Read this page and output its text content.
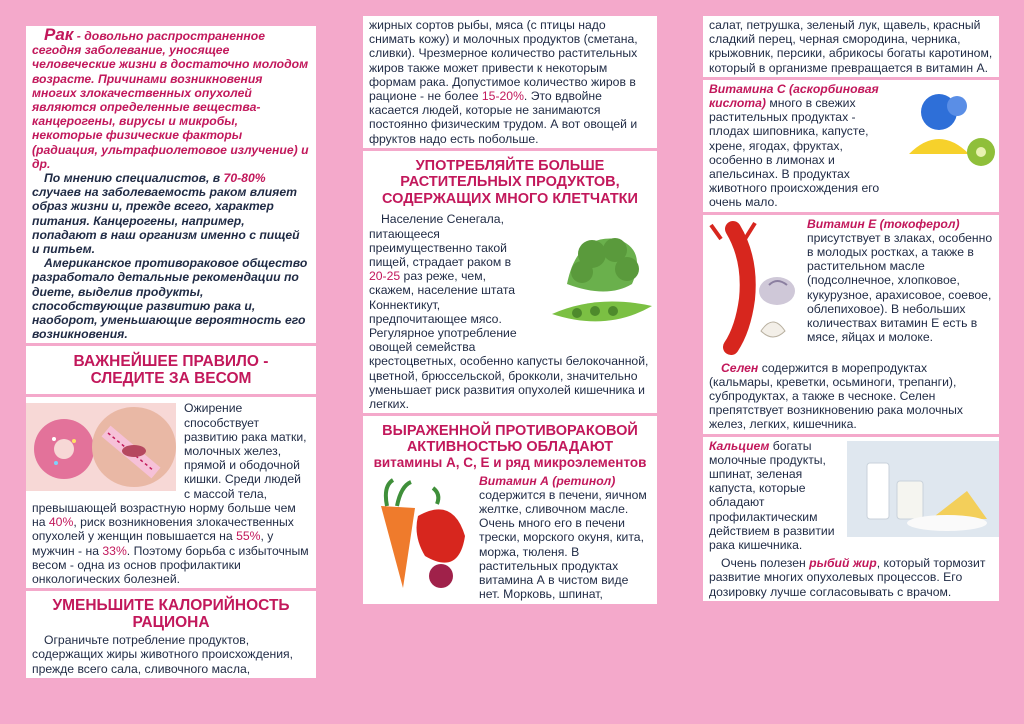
Рак - довольно распространенное сегодня заболевание, уносящее человеческие жизни в достаточно молодом возрасте. Причинами возникновения многих злокачественных опухолей являются определенные вещества-канцерогены, вирусы и микробы, некоторые физические факторы (радиация, ультрафиолетовое излучение) и др.

По мнению специалистов, в 70-80% случаев на заболеваемость раком влияет образ жизни и, прежде всего, характер питания. Канцерогены, например, попадают в наш организм именно с пищей и питьем.

Американское противораковое общество разработало детальные рекомендации по диете, выделив продукты, способствующие развитию рака и, наоборот, уменьшающие вероятность его возникновения.

ВАЖНЕЙШЕЕ ПРАВИЛО - СЛЕДИТЕ ЗА ВЕСОМ

Ожирение способствует развитию рака матки, молочных желез, прямой и ободочной кишки. Среди людей с массой тела, превышающей возрастную норму больше чем на 40%, риск возникновения злокачественных опухолей у женщин повышается на 55%, у мужчин - на 33%. Поэтому борьба с избыточным весом - одна из основ профилактики онкологических болезней.

УМЕНЬШИТЕ КАЛОРИЙНОСТЬ РАЦИОНА

Ограничьте потребление продуктов, содержащих жиры животного происхождения, прежде всего сала, сливочного масла,

жирных сортов рыбы, мяса (с птицы надо снимать кожу) и молочных продуктов (сметана, сливки). Чрезмерное количество растительных жиров также может привести к некоторым формам рака. Допустимое количество жиров в рационе - не более 15-20%. Это вдвойне касается людей, которые не занимаются постоянно физическим трудом. А вот овощей и фруктов надо есть побольше.

УПОТРЕБЛЯЙТЕ БОЛЬШЕ РАСТИТЕЛЬНЫХ ПРОДУКТОВ, СОДЕРЖАЩИХ МНОГО КЛЕТЧАТКИ

Население Сенегала, питающееся преимущественно такой пищей, страдает раком в 20-25 раз реже, чем, скажем, население штата Коннектикут, предпочитающее мясо. Регулярное употребление овощей семейства крестоцветных, особенно капусты белокочанной, цветной, брюссельской, брокколи, значительно уменьшает риск развития опухолей кишечника и легких.

ВЫРАЖЕННОЙ ПРОТИВОРАКОВОЙ АКТИВНОСТЬЮ ОБЛАДАЮТ
витамины А, С, Е и ряд микроэлементов

Витамин А (ретинол) содержится в печени, яичном желтке, сливочном масле. Очень много его в печени трески, морского окуня, кита, моржа, тюленя. В растительных продуктах витамина А в чистом виде нет. Морковь, шпинат,

салат, петрушка, зеленый лук, щавель, красный сладкий перец, черная смородина, черника, крыжовник, персики, абрикосы богаты каротином, который в организме превращается в витамин А.

Витамина С (аскорбиновая кислота) много в свежих растительных продуктах - плодах шиповника, капусте, хрене, ягодах, фруктах, особенно в лимонах и апельсинах. В продуктах животного происхождения его очень мало.

Витамин Е (токоферол) присутствует в злаках, особенно в молодых ростках, а также в растительном масле (подсолнечное, хлопковое, кукурузное, арахисовое, соевое, облепиховое). В небольших количествах витамин Е есть в мясе, яйцах и молоке.

Селен содержится в морепродуктах (кальмары, креветки, осьминоги, трепанги), субпродуктах, а также в чесноке. Селен препятствует возникновению рака молочных желез, легких, кишечника.

Кальцием богаты молочные продукты, шпинат, зеленая капуста, которые обладают профилактическим действием в развитии рака кишечника.

Очень полезен рыбий жир, который тормозит развитие многих опухолевых процессов. Его дозировку лучше согласовывать с врачом.
